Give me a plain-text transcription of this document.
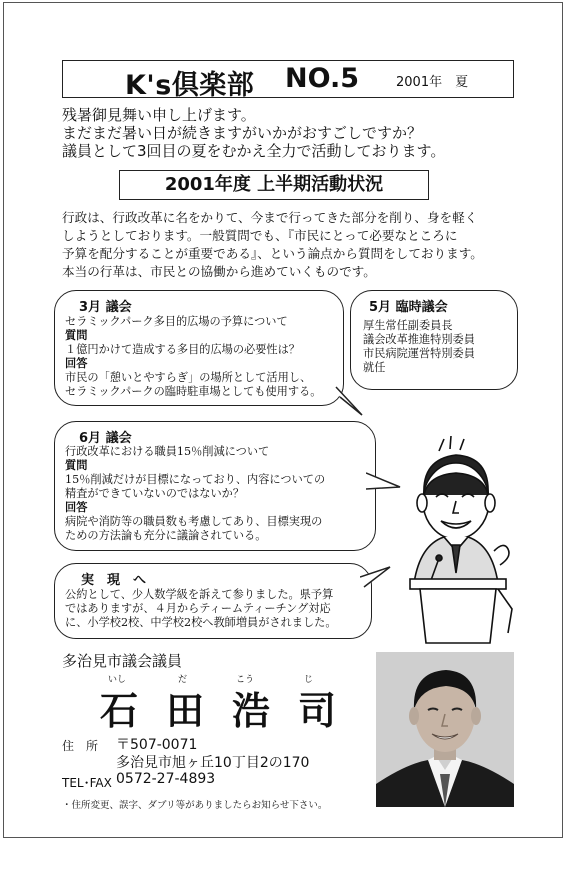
K's倶楽部 NO.5	2001年　夏
残暑御見舞い申し上げます。
まだまだ暑い日が続きますがいかがおすごしですか？
議員として3回目の夏をむかえ全力で活動しております。
2001年度 上半期活動状況
行政は、行政改革に名をかりて、今まで行ってきた部分を削り、身を軽く
しようとしております。一般質問でも、『市民にとって必要なところに
予算を配分することが重要である』、という論点から質問をしております。
本当の行革は、市民との協働から進めていくものです。
3月 議会
セラミックパーク多目的広場の予算について
質問
１億円かけて造成する多目的広場の必要性は？
回答
市民の「憩いとやすらぎ」の場所として活用し、
セラミックパークの臨時駐車場としても使用する。
5月 臨時議会
厚生常任副委員長
議会改革推進特別委員
市民病院運営特別委員
就任
6月 議会
行政改革における職員15％削減について
質問
15％削減だけが目標になっており、内容についての
精査ができていないのではないか？
回答
病院や消防等の職員数も考慮してあり、目標実現の
ための方法論も充分に議論されている。
実　現　へ
公約として、少人数学級を訴えて参りました。県予算
ではありますが、４月からティームティーチング対応
に、小学校2校、中学校2校へ教師増員がされました。
多治見市議会議員
いし	だ	こう	じ
石田浩司
住　所 〒507-0071
多治見市旭ヶ丘10丁目2の170
TEL･FAX 0572-27-4893
・住所変更、誤字、ダブリ等がありましたらお知らせ下さい。
